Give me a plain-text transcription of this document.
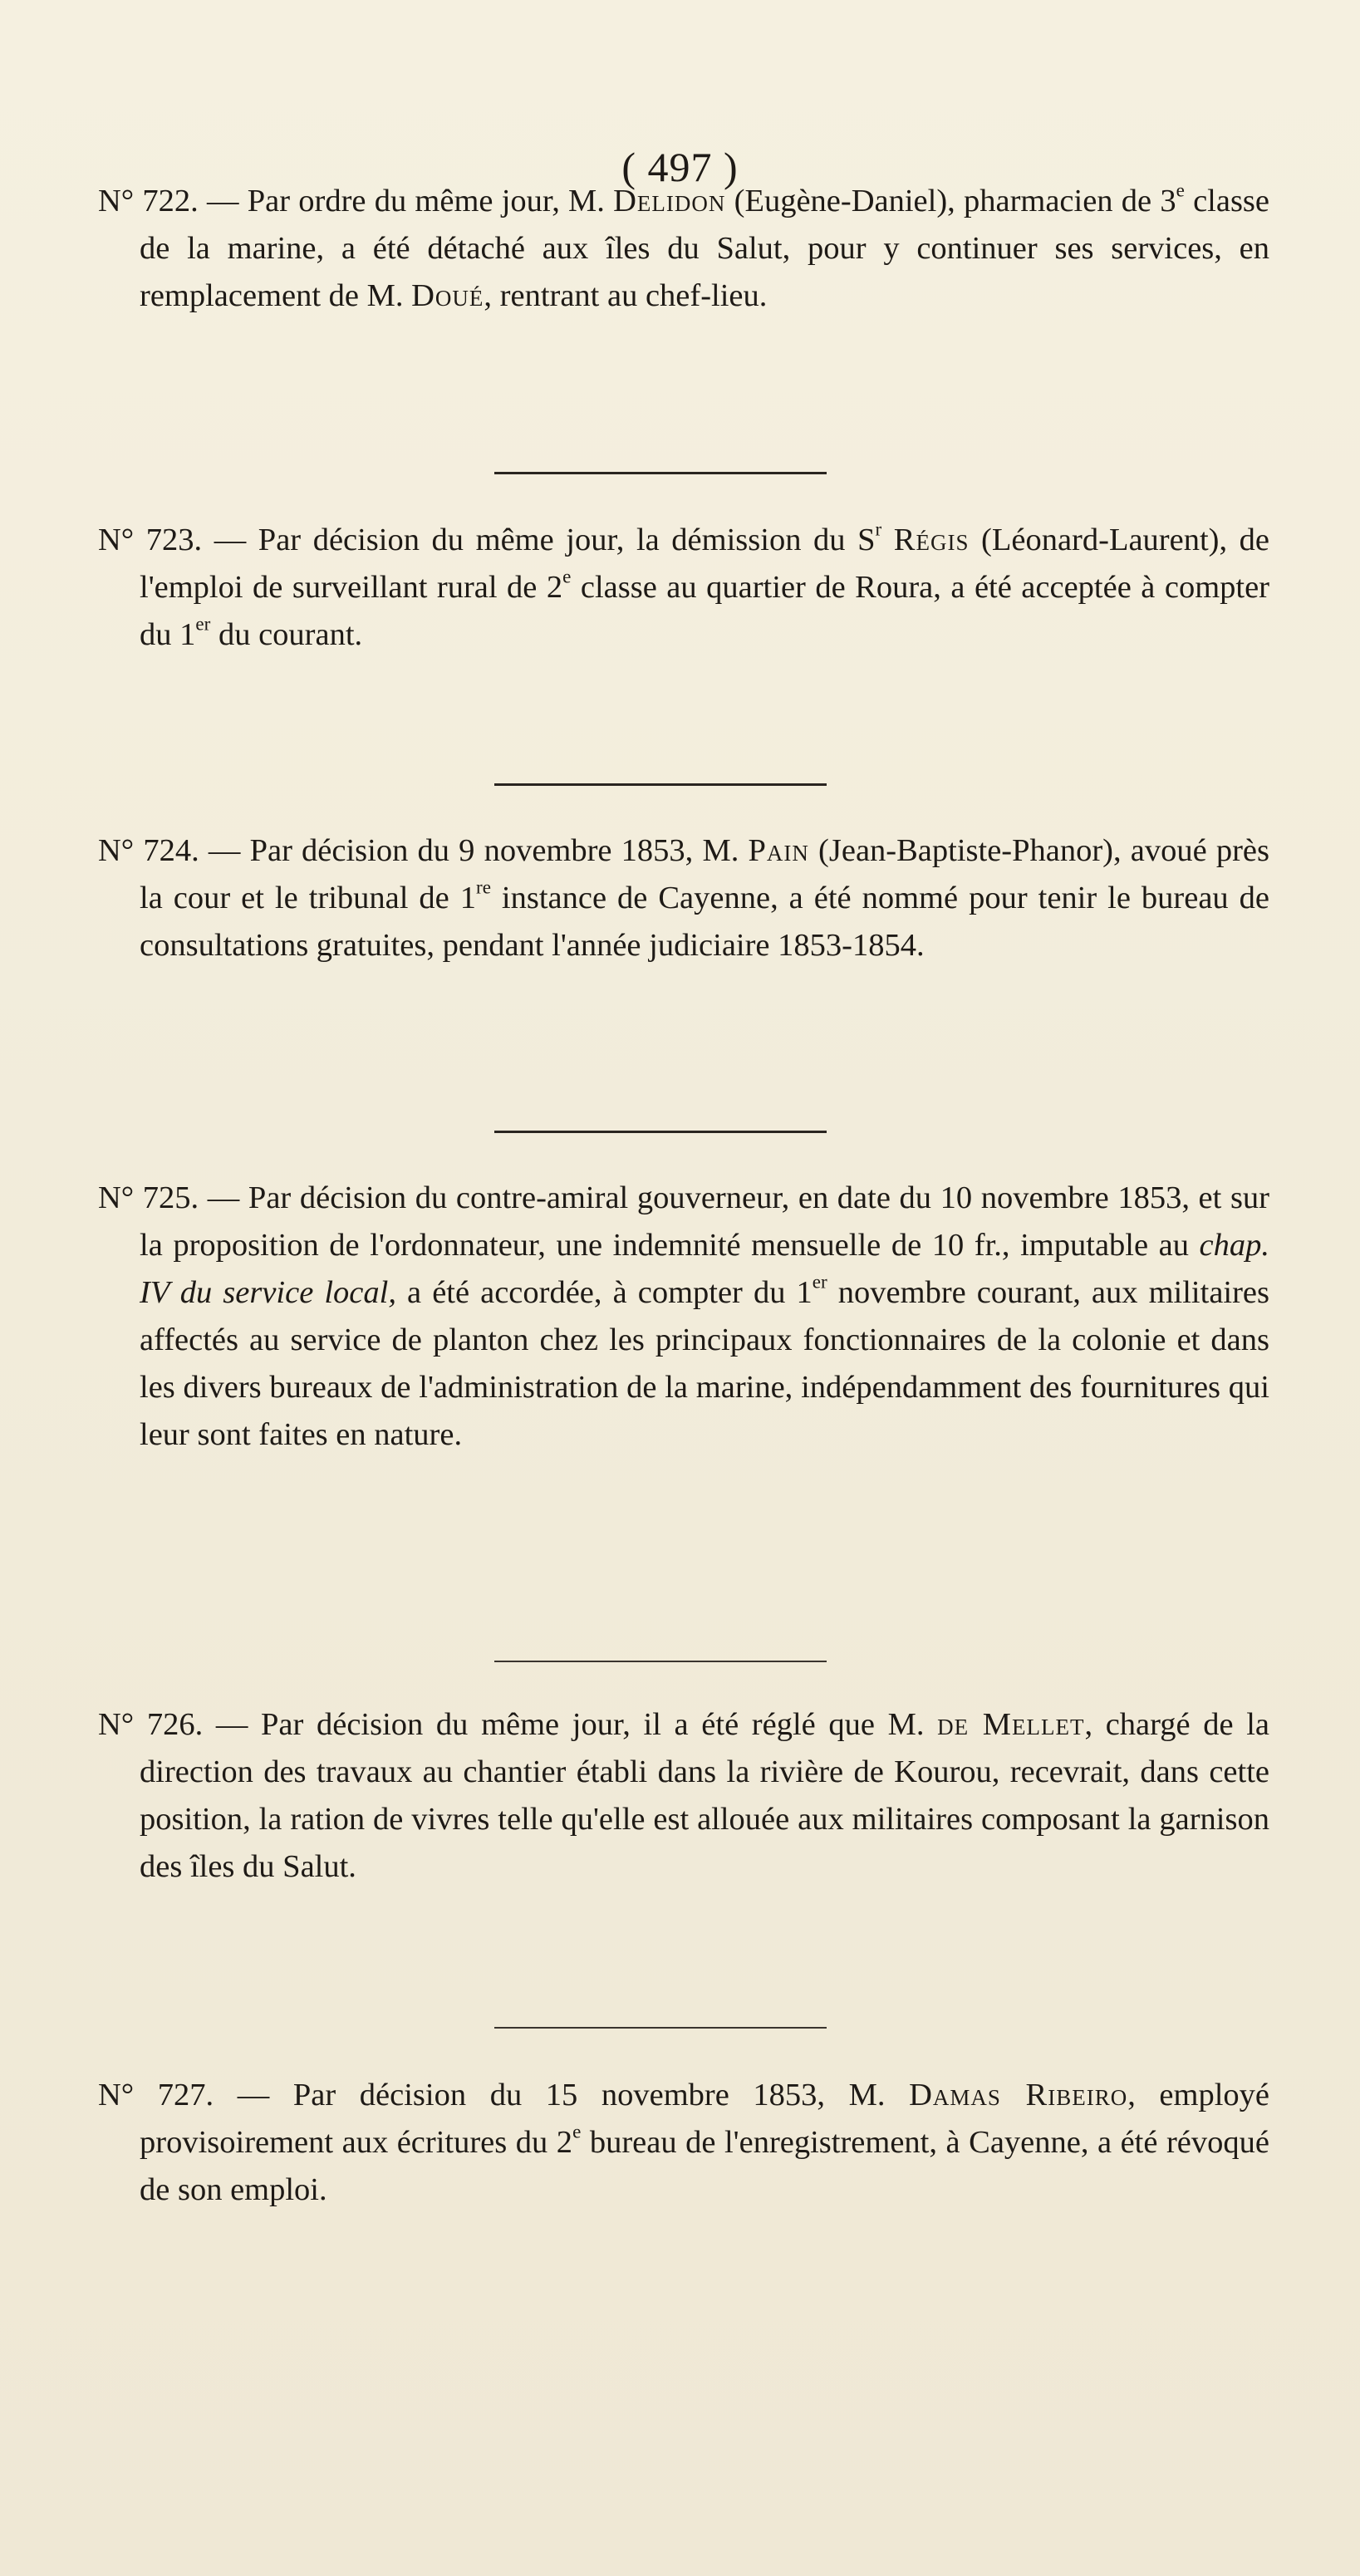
( 497 )

N° 722. — Par ordre du même jour, M. Delidon (Eugène-Daniel), pharmacien de 3e classe de la marine, a été détaché aux îles du Salut, pour y continuer ses services, en remplacement de M. Doué, rentrant au chef-lieu.

N° 723. — Par décision du même jour, la démission du $S^r$ Régis (Léonard-Laurent), de l'emploi de surveillant rural de 2e classe au quartier de Roura, a été acceptée à compter du 1er du courant.

N° 724. — Par décision du 9 novembre 1853, M. Pain (Jean-Baptiste-Phanor), avoué près la cour et le tribunal de 1re instance de Cayenne, a été nommé pour tenir le bureau de consultations gratuites, pendant l'année judiciaire 1853-1854.

N° 725. — Par décision du contre-amiral gouverneur, en date du 10 novembre 1853, et sur la proposition de l'ordonnateur, une indemnité mensuelle de 10 fr., imputable au chap. IV du service local, a été accordée, à compter du 1er novembre courant, aux militaires affectés au service de planton chez les principaux fonctionnaires de la colonie et dans les divers bureaux de l'administration de la marine, indépendamment des fournitures qui leur sont faites en nature.

N° 726. — Par décision du même jour, il a été réglé que M. de Mellet, chargé de la direction des travaux au chantier établi dans la rivière de Kourou, recevrait, dans cette position, la ration de vivres telle qu'elle est allouée aux militaires composant la garnison des îles du Salut.

N° 727. — Par décision du 15 novembre 1853, M. Damas Ribeiro, employé provisoirement aux écritures du 2e bureau de l'enregistrement, à Cayenne, a été révoqué de son emploi.
